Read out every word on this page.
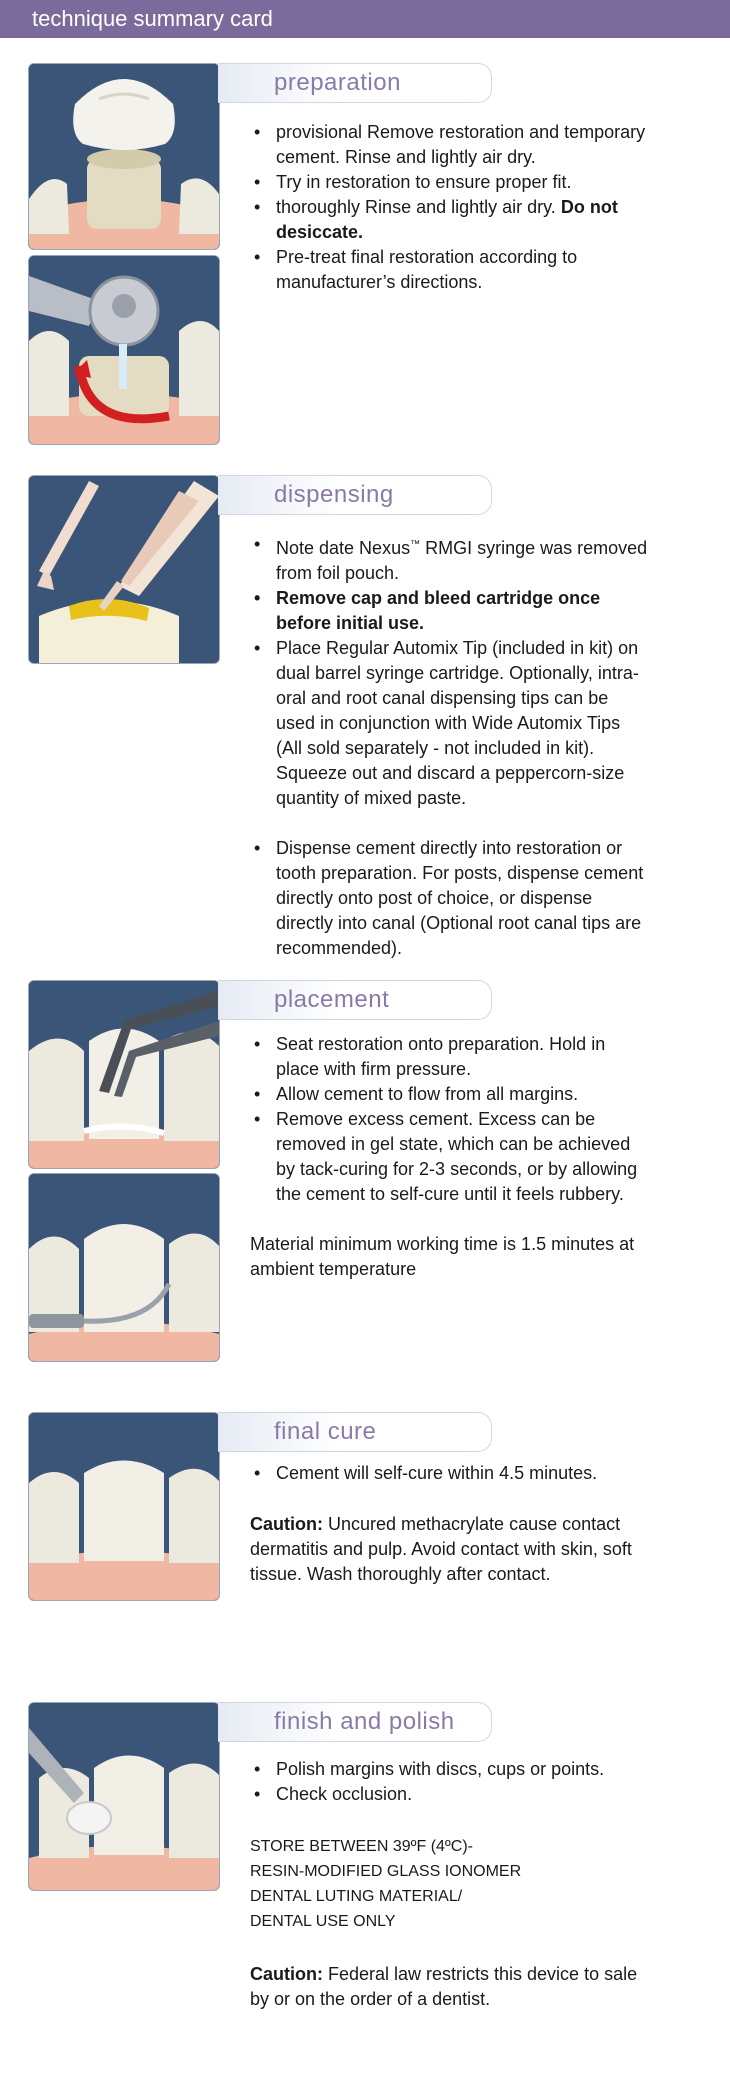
technique summary card
preparation
• provisional Remove restoration and temporary cement. Rinse and lightly air dry.
• Try in restoration to ensure proper fit.
• thoroughly Rinse and lightly air dry. Do not desiccate.
• Pre-treat final restoration according to manufacturer’s directions.
dispensing
• Note date Nexus™ RMGI syringe was removed from foil pouch.
• Remove cap and bleed cartridge once before initial use.
• Place Regular Automix Tip (included in kit) on dual barrel syringe cartridge. Optionally, intra-oral and root canal dispensing tips can be used in conjunction with Wide Automix Tips (All sold separately - not included in kit). Squeeze out and discard a peppercorn-size quantity of mixed paste.
• Dispense cement directly into restoration or tooth preparation. For posts, dispense cement directly onto post of choice, or dispense directly into canal (Optional root canal tips are recommended).
placement
• Seat restoration onto preparation. Hold in place with firm pressure.
• Allow cement to flow from all margins.
• Remove excess cement. Excess can be removed in gel state, which can be achieved by tack-curing for 2-3 seconds, or by allowing the cement to self-cure until it feels rubbery.

Material minimum working time is 1.5 minutes at ambient temperature

final cure
• Cement will self-cure within 4.5 minutes.

Caution: Uncured methacrylate cause contact dermatitis and pulp. Avoid contact with skin, soft tissue. Wash thoroughly after contact.

finish and polish
• Polish margins with discs, cups or points.
• Check occlusion.
STORE BETWEEN 39ºF (4ºC)-
RESIN-MODIFIED GLASS IONOMER
DENTAL LUTING MATERIAL/
DENTAL USE ONLY

Caution: Federal law restricts this device to sale by or on the order of a dentist.
